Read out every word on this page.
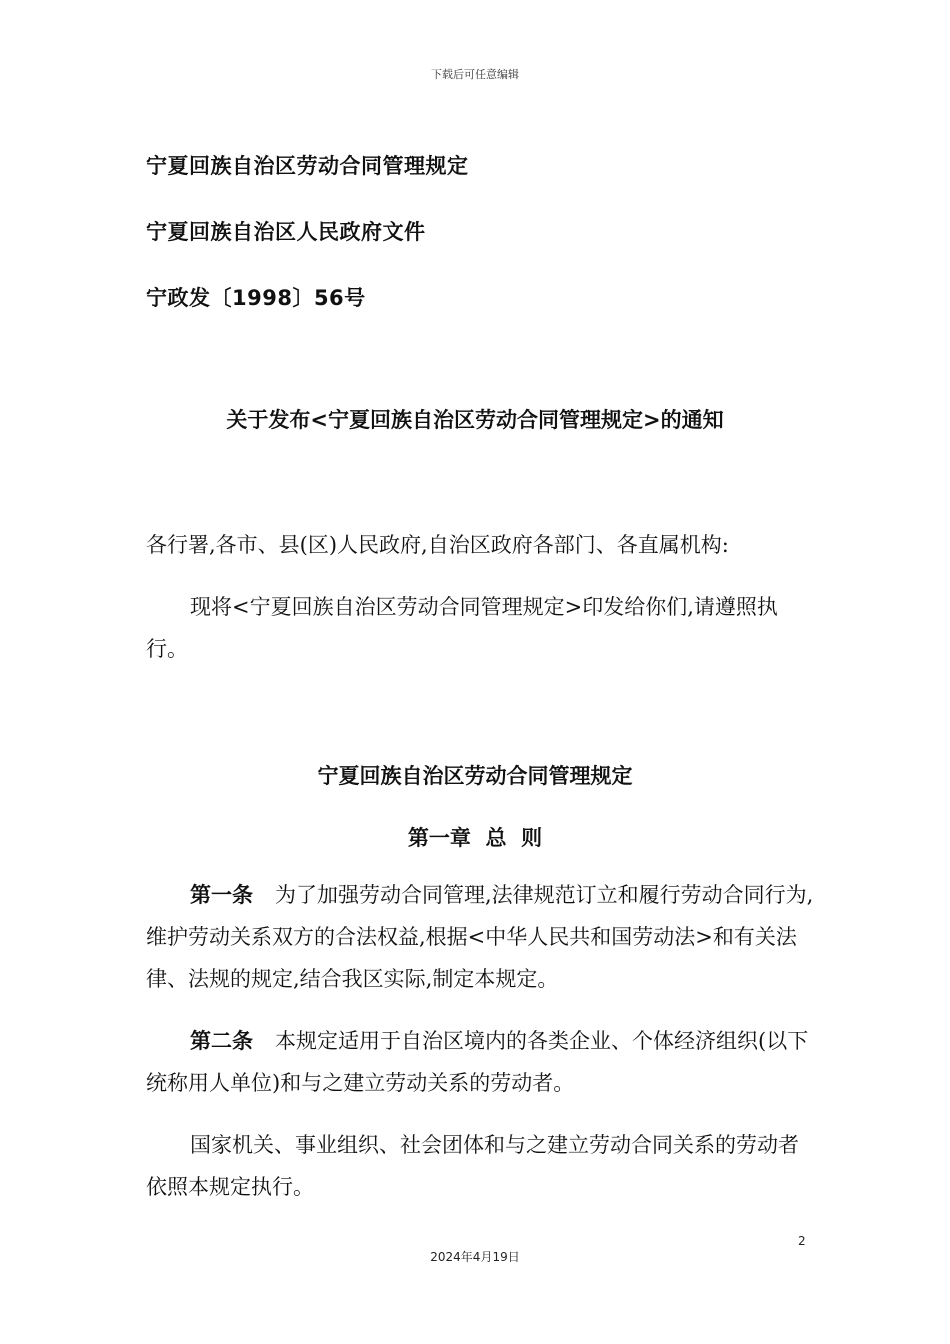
下载后可任意编辑
宁夏回族自治区劳动合同管理规定
宁夏回族自治区人民政府文件
宁政发〔1998〕56号
关于发布<宁夏回族自治区劳动合同管理规定>的通知
各行署,各市、县(区)人民政府,自治区政府各部门、各直属机构:
现将<宁夏回族自治区劳动合同管理规定>印发给你们,请遵照执行。
宁夏回族自治区劳动合同管理规定
第一章  总  则
第一条 为了加强劳动合同管理,法律规范订立和履行劳动合同行为,维护劳动关系双方的合法权益,根据<中华人民共和国劳动法>和有关法律、法规的规定,结合我区实际,制定本规定。
第二条 本规定适用于自治区境内的各类企业、个体经济组织(以下统称用人单位)和与之建立劳动关系的劳动者。
国家机关、事业组织、社会团体和与之建立劳动合同关系的劳动者依照本规定执行。
2
2024年4月19日
